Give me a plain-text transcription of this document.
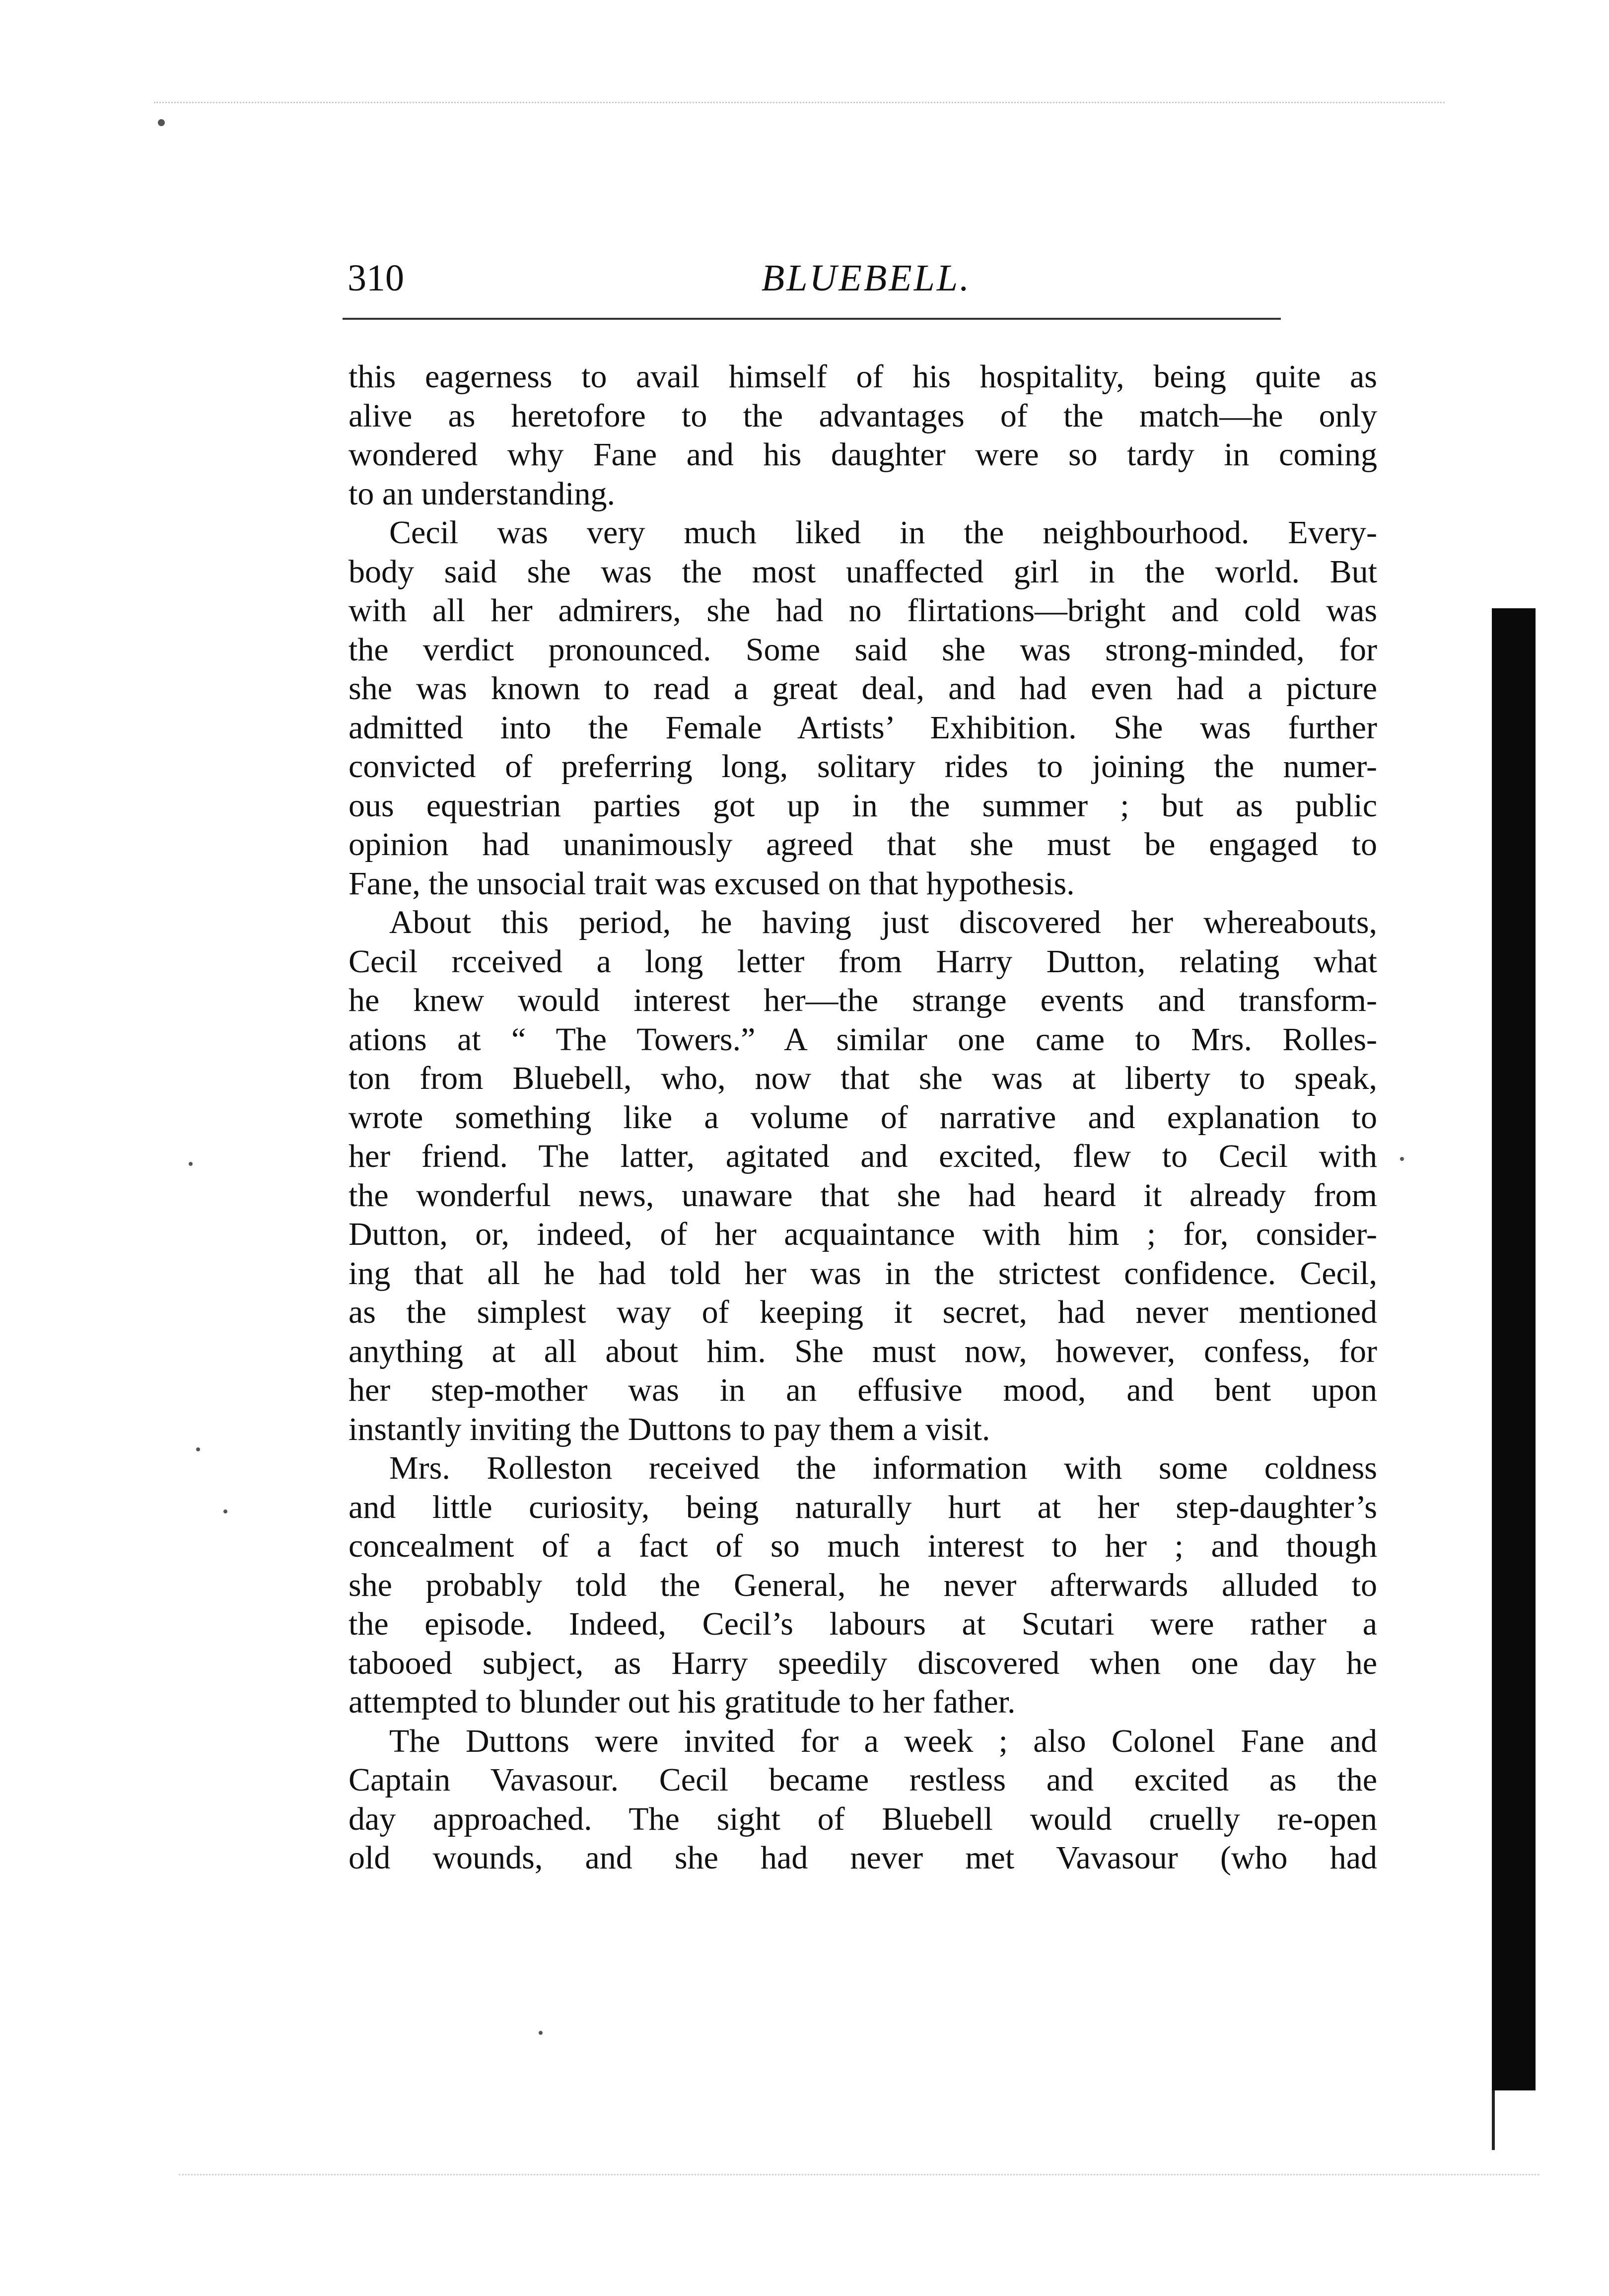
310	BLUEBELL.
this eagerness to avail himself of his hospitality, being quite as
alive as heretofore to the advantages of the match—he only
wondered why Fane and his daughter were so tardy in coming
to an understanding.
Cecil was very much liked in the neighbourhood. Every-
body said she was the most unaffected girl in the world. But
with all her admirers, she had no flirtations—bright and cold was
the verdict pronounced. Some said she was strong-minded, for
she was known to read a great deal, and had even had a picture
admitted into the Female Artists’ Exhibition. She was further
convicted of preferring long, solitary rides to joining the numer-
ous equestrian parties got up in the summer ; but as public
opinion had unanimously agreed that she must be engaged to
Fane, the unsocial trait was excused on that hypothesis.
About this period, he having just discovered her whereabouts,
Cecil rcceived a long letter from Harry Dutton, relating what
he knew would interest her—the strange events and transform-
ations at “ The Towers.” A similar one came to Mrs. Rolles-
ton from Bluebell, who, now that she was at liberty to speak,
wrote something like a volume of narrative and explanation to
her friend. The latter, agitated and excited, flew to Cecil with
the wonderful news, unaware that she had heard it already from
Dutton, or, indeed, of her acquaintance with him ; for, consider-
ing that all he had told her was in the strictest confidence. Cecil,
as the simplest way of keeping it secret, had never mentioned
anything at all about him. She must now, however, confess, for
her step-mother was in an effusive mood, and bent upon
instantly inviting the Duttons to pay them a visit.
Mrs. Rolleston received the information with some coldness
and little curiosity, being naturally hurt at her step-daughter’s
concealment of a fact of so much interest to her ; and though
she probably told the General, he never afterwards alluded to
the episode. Indeed, Cecil’s labours at Scutari were rather a
tabooed subject, as Harry speedily discovered when one day he
attempted to blunder out his gratitude to her father.
The Duttons were invited for a week ; also Colonel Fane and
Captain Vavasour. Cecil became restless and excited as the
day approached. The sight of Bluebell would cruelly re-open
old wounds, and she had never met Vavasour (who had
